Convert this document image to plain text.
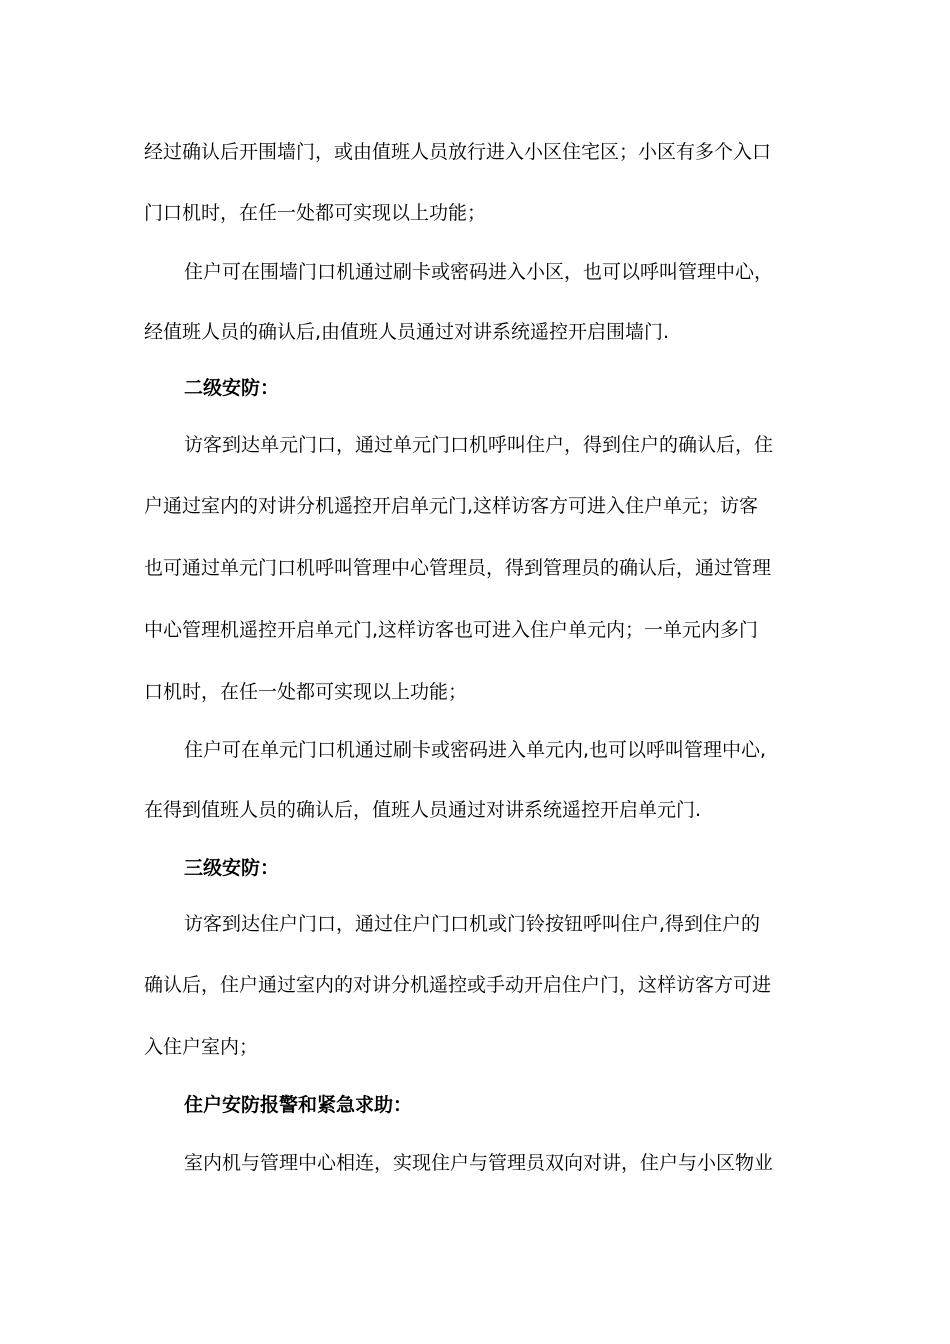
经过确认后开围墙门，或由值班人员放行进入小区住宅区；小区有多个入口
门口机时，在任一处都可实现以上功能；
住户可在围墙门口机通过刷卡或密码进入小区，也可以呼叫管理中心，
经值班人员的确认后,由值班人员通过对讲系统遥控开启围墙门.
二级安防：
访客到达单元门口，通过单元门口机呼叫住户，得到住户的确认后，住
户通过室内的对讲分机遥控开启单元门,这样访客方可进入住户单元；访客
也可通过单元门口机呼叫管理中心管理员，得到管理员的确认后，通过管理
中心管理机遥控开启单元门,这样访客也可进入住户单元内；一单元内多门
口机时，在任一处都可实现以上功能；
住户可在单元门口机通过刷卡或密码进入单元内,也可以呼叫管理中心,
在得到值班人员的确认后，值班人员通过对讲系统遥控开启单元门.
三级安防：
访客到达住户门口，通过住户门口机或门铃按钮呼叫住户,得到住户的
确认后，住户通过室内的对讲分机遥控或手动开启住户门，这样访客方可进
入住户室内；
住户安防报警和紧急求助：
室内机与管理中心相连，实现住户与管理员双向对讲，住户与小区物业
